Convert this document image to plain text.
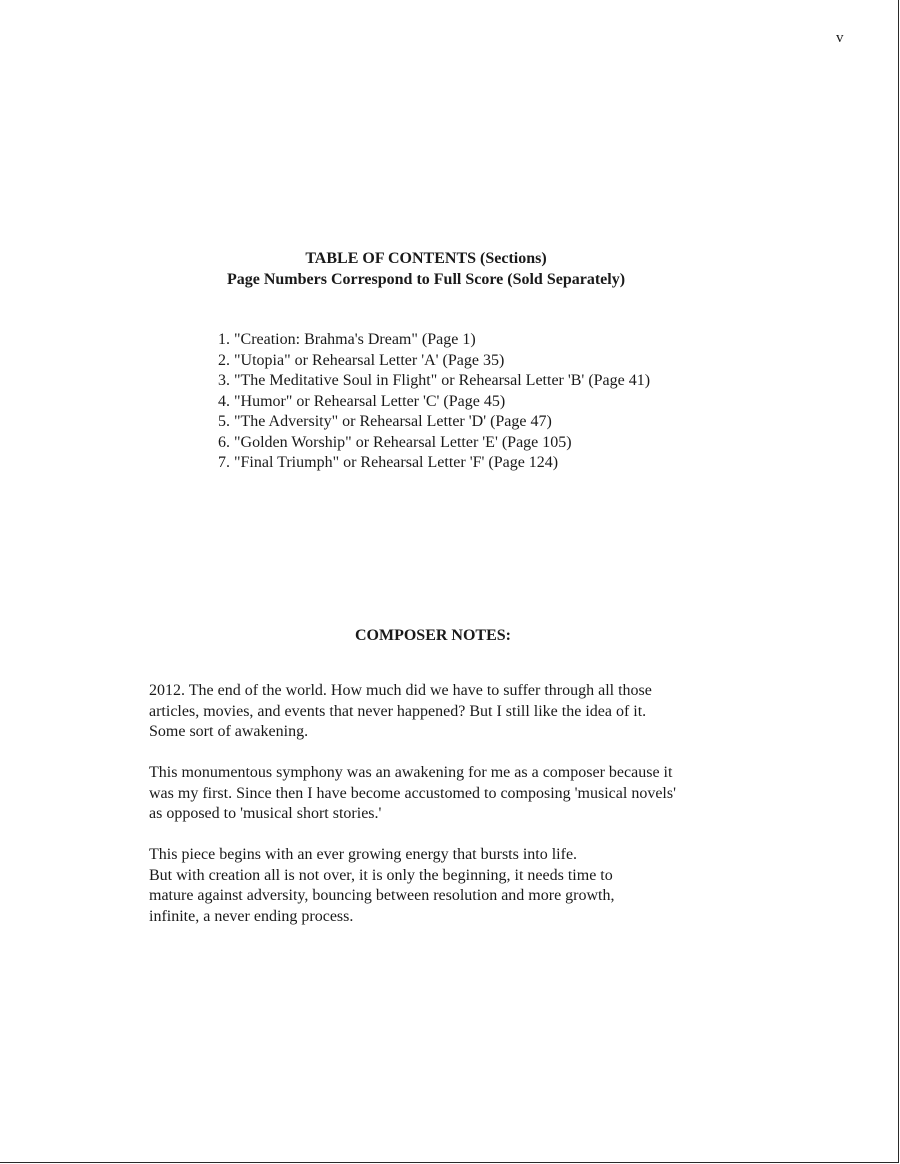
v
TABLE OF CONTENTS (Sections)
Page Numbers Correspond to Full Score (Sold Separately)
1. "Creation: Brahma's Dream" (Page 1)
2. "Utopia" or Rehearsal Letter 'A' (Page 35)
3. "The Meditative Soul in Flight" or Rehearsal Letter 'B' (Page 41)
4. "Humor" or Rehearsal Letter 'C' (Page 45)
5. "The Adversity" or Rehearsal Letter 'D' (Page 47)
6. "Golden Worship" or Rehearsal Letter 'E' (Page 105)
7. "Final Triumph" or Rehearsal Letter 'F' (Page 124)
COMPOSER NOTES:
2012. The end of the world. How much did we have to suffer through all those
articles, movies, and events that never happened? But I still like the idea of it.
Some sort of awakening.
This monumentous symphony was an awakening for me as a composer because it
was my first. Since then I have become accustomed to composing 'musical novels'
as opposed to 'musical short stories.'
This piece begins with an ever growing energy that bursts into life.
But with creation all is not over, it is only the beginning, it needs time to
mature against adversity, bouncing between resolution and more growth,
infinite, a never ending process.
